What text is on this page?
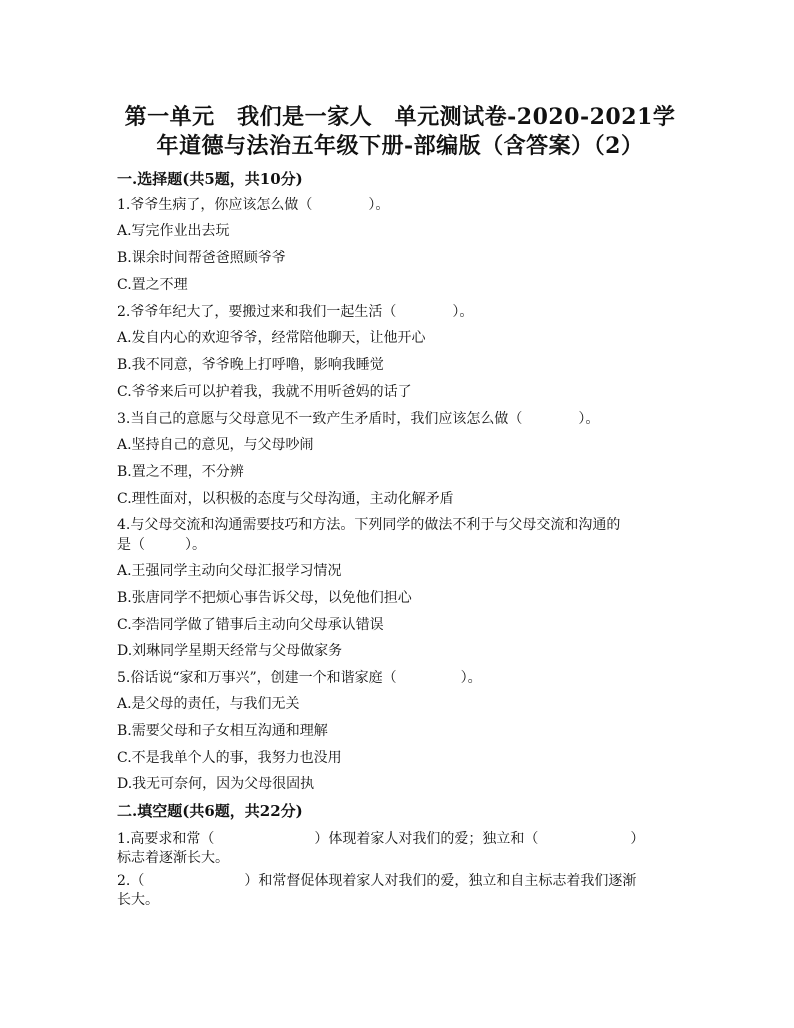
第一单元　我们是一家人　单元测试卷-2020-2021学
年道德与法治五年级下册-部编版（含答案）（2）
一.选择题(共5题，共10分)
1.爷爷生病了，你应该怎么做（	）。
A.写完作业出去玩
B.课余时间帮爸爸照顾爷爷
C.置之不理
2.爷爷年纪大了，要搬过来和我们一起生活（	）。
A.发自内心的欢迎爷爷，经常陪他聊天，让他开心
B.我不同意，爷爷晚上打呼噜，影响我睡觉
C.爷爷来后可以护着我，我就不用听爸妈的话了
3.当自己的意愿与父母意见不一致产生矛盾时，我们应该怎么做（	）。
A.坚持自己的意见，与父母吵闹
B.置之不理，不分辨
C.理性面对，以积极的态度与父母沟通，主动化解矛盾
4.与父母交流和沟通需要技巧和方法。下列同学的做法不利于与父母交流和沟通的
是（	）。
A.王强同学主动向父母汇报学习情况
B.张唐同学不把烦心事告诉父母，以免他们担心
C.李浩同学做了错事后主动向父母承认错误
D.刘琳同学星期天经常与父母做家务
5.俗话说“家和万事兴”，创建一个和谐家庭（	）。
A.是父母的责任，与我们无关
B.需要父母和子女相互沟通和理解
C.不是我单个人的事，我努力也没用
D.我无可奈何，因为父母很固执
二.填空题(共6题，共22分)
1.高要求和常（	）体现着家人对我们的爱；独立和（	）
标志着逐渐长大。
2.（	）和常督促体现着家人对我们的爱，独立和自主标志着我们逐渐
长大。
